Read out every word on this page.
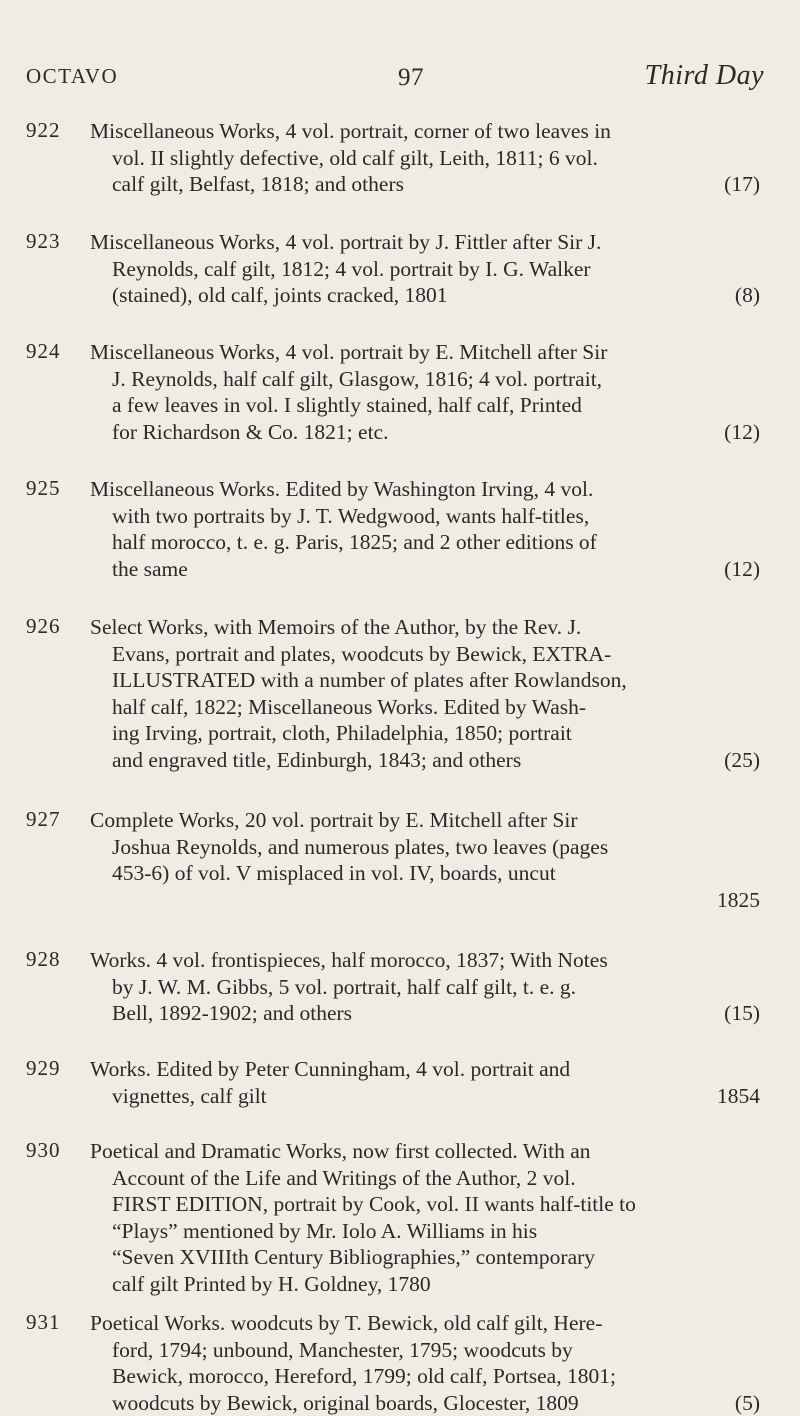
OCTAVO	97	Third Day
922 Miscellaneous Works, 4 vol. portrait, corner of two leaves in
vol. II slightly defective, old calf gilt, Leith, 1811; 6 vol.
calf gilt, Belfast, 1818; and others	(17)
923 Miscellaneous Works, 4 vol. portrait by J. Fittler after Sir J.
Reynolds, calf gilt, 1812; 4 vol. portrait by I. G. Walker
(stained), old calf, joints cracked, 1801	(8)
924 Miscellaneous Works, 4 vol. portrait by E. Mitchell after Sir
J. Reynolds, half calf gilt, Glasgow, 1816; 4 vol. portrait,
a few leaves in vol. I slightly stained, half calf, Printed
for Richardson & Co. 1821; etc.	(12)
925 Miscellaneous Works. Edited by Washington Irving, 4 vol.
with two portraits by J. T. Wedgwood, wants half-titles,
half morocco, t. e. g. Paris, 1825; and 2 other editions of
the same	(12)
926 Select Works, with Memoirs of the Author, by the Rev. J.
Evans, portrait and plates, woodcuts by Bewick, EXTRA-
ILLUSTRATED with a number of plates after Rowlandson,
half calf, 1822; Miscellaneous Works. Edited by Wash-
ing Irving, portrait, cloth, Philadelphia, 1850; portrait
and engraved title, Edinburgh, 1843; and others	(25)
927 Complete Works, 20 vol. portrait by E. Mitchell after Sir
Joshua Reynolds, and numerous plates, two leaves (pages
453-6) of vol. V misplaced in vol. IV, boards, uncut

1825
928 Works. 4 vol. frontispieces, half morocco, 1837; With Notes
by J. W. M. Gibbs, 5 vol. portrait, half calf gilt, t. e. g.
Bell, 1892-1902; and others	(15)
929 Works. Edited by Peter Cunningham, 4 vol. portrait and
vignettes, calf gilt	1854
930 Poetical and Dramatic Works, now first collected. With an
Account of the Life and Writings of the Author, 2 vol.
FIRST EDITION, portrait by Cook, vol. II wants half-title to
“Plays” mentioned by Mr. Iolo A. Williams in his
“Seven XVIIIth Century Bibliographies,” contemporary
calf gilt Printed by H. Goldney, 1780
931 Poetical Works. woodcuts by T. Bewick, old calf gilt, Here-
ford, 1794; unbound, Manchester, 1795; woodcuts by
Bewick, morocco, Hereford, 1799; old calf, Portsea, 1801;
woodcuts by Bewick, original boards, Glocester, 1809	(5)
